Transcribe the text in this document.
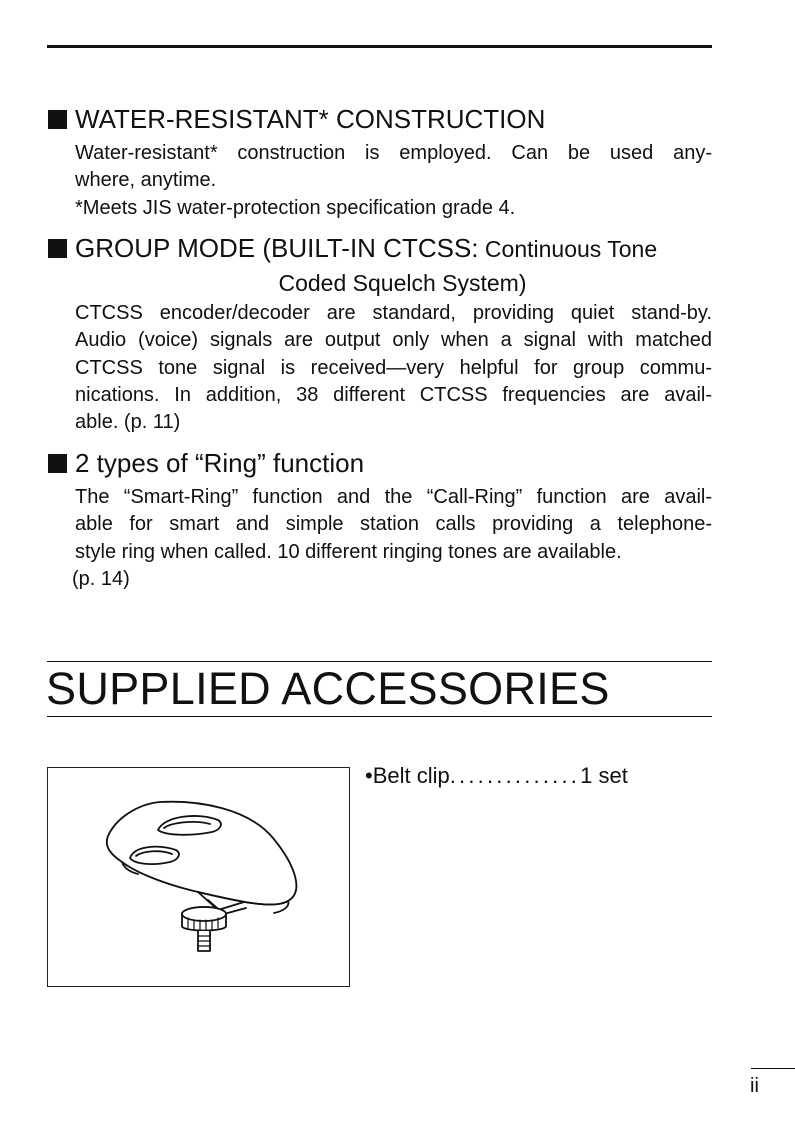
WATER-RESISTANT* CONSTRUCTION
Water-resistant* construction is employed. Can be used any-
where, anytime.
*Meets JIS water-protection specification grade 4.
GROUP MODE (BUILT-IN CTCSS: Continuous Tone
Coded Squelch System)
CTCSS encoder/decoder are standard, providing quiet stand-by.
Audio (voice) signals are output only when a signal with matched
CTCSS tone signal is received—very helpful for group commu-
nications. In addition, 38 different CTCSS frequencies are avail-
able. (p. 11)
2 types of “Ring” function
The “Smart-Ring” function and the “Call-Ring” function are avail-
able for smart and simple station calls providing a telephone-
style ring when called. 10 different ringing tones are available.
(p. 14)
SUPPLIED ACCESSORIES
•Belt clip..............1 set
ii
